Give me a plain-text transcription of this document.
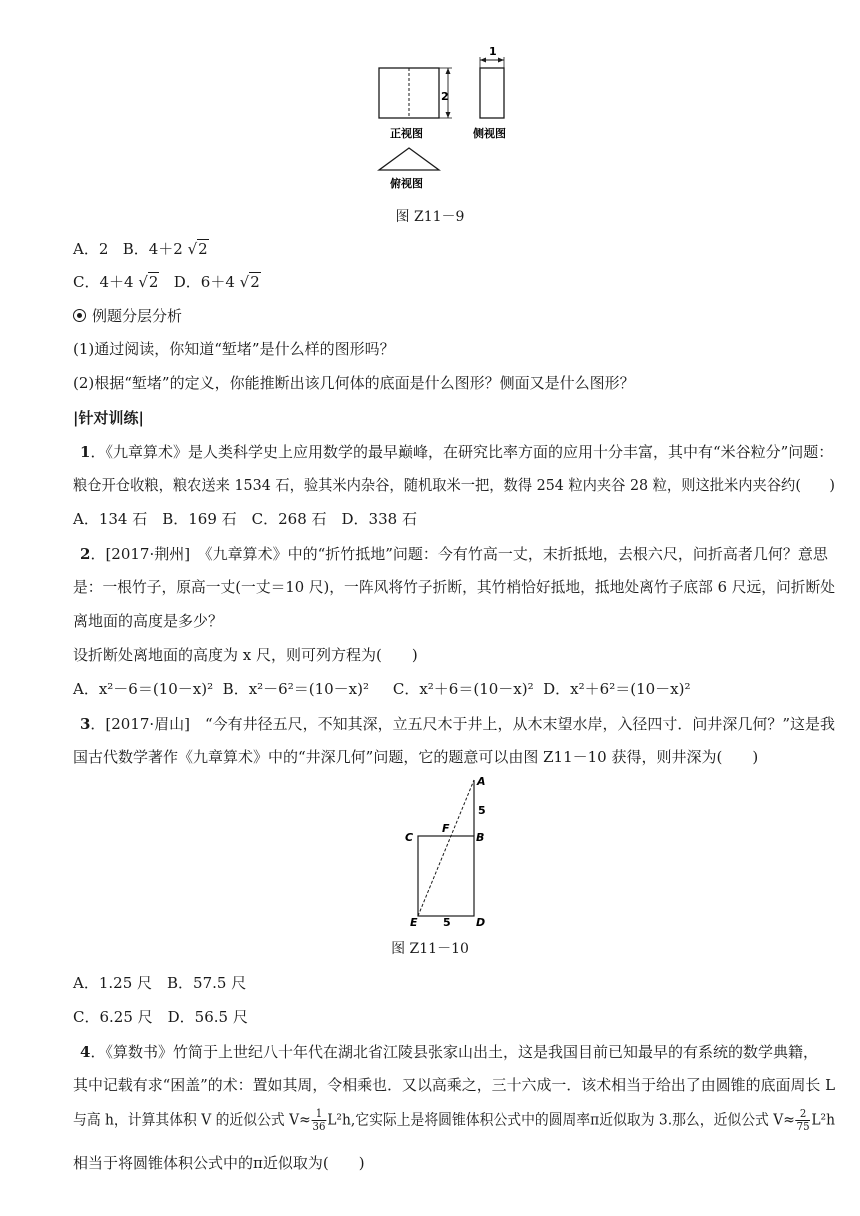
2
1
正视图	侧视图
俯视图
图 Z11－9
A．2 B．4＋2 √2
C．4＋4 √2 D．6＋4 √2
例题分层分析
(1)通过阅读，你知道“堑堵”是什么样的图形吗？
(2)根据“堑堵”的定义，你能推断出该几何体的底面是什么图形？侧面又是什么图形？
|针对训练|
1．《九章算术》是人类科学史上应用数学的最早巅峰，在研究比率方面的应用十分丰富，其中有“米谷粒分”问题：
粮仓开仓收粮，粮农送来 1534 石，验其米内杂谷，随机取米一把，数得 254 粒内夹谷 28 粒，则这批米内夹谷约(　　)
A．134 石　B．169 石　C．268 石　D．338 石
2．[2017·荆州]　《九章算术》中的“折竹抵地”问题：今有竹高一丈，末折抵地，去根六尺，问折高者几何？意思
是：一根竹子，原高一丈(一丈＝10 尺)，一阵风将竹子折断，其竹梢恰好抵地，抵地处离竹子底部 6 尺远，问折断处
离地面的高度是多少？
设折断处离地面的高度为 x 尺，则可列方程为(　　)
A．x²－6＝(10－x)² B．x²－6²＝(10－x)² C．x²＋6＝(10－x)² D．x²＋6²＝(10－x)²
3．[2017·眉山]　“今有井径五尺，不知其深，立五尺木于井上，从木末望水岸，入径四寸．问井深几何？”这是我
国古代数学著作《九章算术》中的“井深几何”问题，它的题意可以由图 Z11－10 获得，则井深为(　　)
A
5
C
F
B
E 5 D
图 Z11－10
A．1.25 尺　B．57.5 尺
C．6.25 尺　D．56.5 尺
4．《算数书》竹简于上世纪八十年代在湖北省江陵县张家山出土，这是我国目前已知最早的有系统的数学典籍，
其中记载有求“困盖”的术：置如其周，令相乘也．又以高乘之，三十六成一．该术相当于给出了由圆锥的底面周长 L
与高 h，计算其体积 V 的近似公式 $V\approx \frac{1}{36} L^2h$,它实际上是将圆锥体积公式中的圆周率π近似取为 3.那么，近似公式 $V\approx \frac{2}{75} L^2h$
相当于将圆锥体积公式中的π近似取为(　　)
